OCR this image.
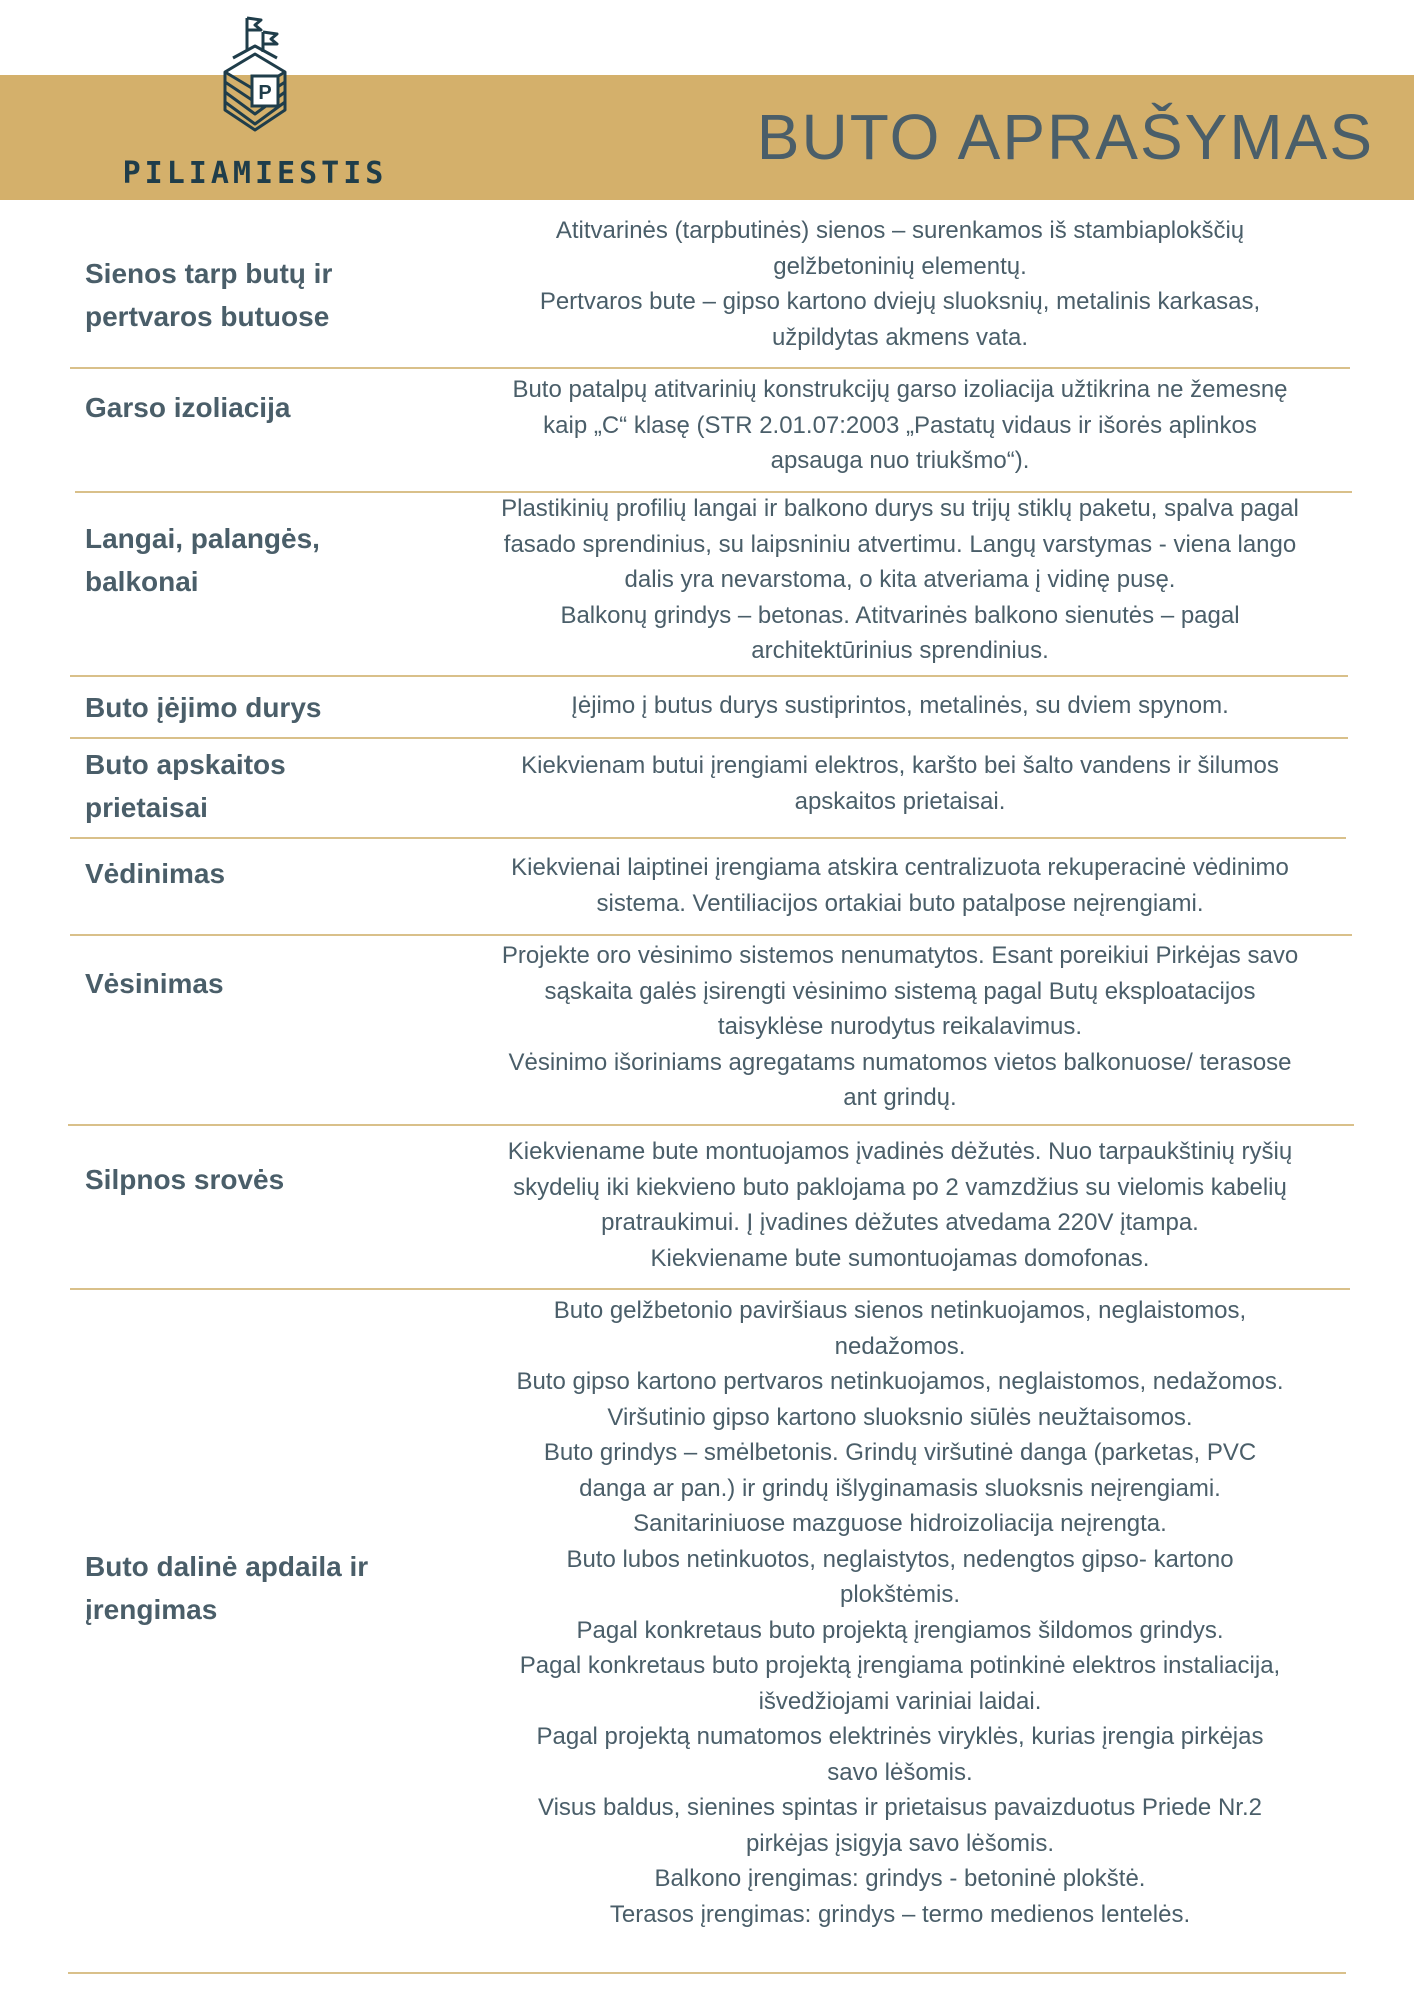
P
PILIAMIESTIS
BUTO APRAŠYMAS
Sienos tarp butų ir
pertvaros butuose

Atitvarinės (tarpbutinės) sienos – surenkamos iš stambiaplokščių

gelžbetoninių elementų.

Pertvaros bute – gipso kartono dviejų sluoksnių, metalinis karkasas,

užpildytas akmens vata.

Garso izoliacija

Buto patalpų atitvarinių konstrukcijų garso izoliacija užtikrina ne žemesnę

kaip „C“ klasę (STR 2.01.07:2003 „Pastatų vidaus ir išorės aplinkos

apsauga nuo triukšmo“).

Langai, palangės,
balkonai

Plastikinių profilių langai ir balkono durys su trijų stiklų paketu, spalva pagal

fasado sprendinius, su laipsniniu atvertimu. Langų varstymas - viena lango

dalis yra nevarstoma, o kita atveriama į vidinę pusę.

Balkonų grindys – betonas. Atitvarinės balkono sienutės – pagal

architektūrinius sprendinius.

Buto įėjimo durys	Įėjimo į butus durys sustiprintos, metalinės, su dviem spynom.

Buto apskaitos
prietaisai

Kiekvienam butui įrengiami elektros, karšto bei šalto vandens ir šilumos

apskaitos prietaisai.

Vėdinimas	Kiekvienai laiptinei įrengiama atskira centralizuota rekuperacinė vėdinimo

sistema. Ventiliacijos ortakiai buto patalpose neįrengiami.

Vėsinimas

Projekte oro vėsinimo sistemos nenumatytos. Esant poreikiui Pirkėjas savo

sąskaita galės įsirengti vėsinimo sistemą pagal Butų eksploatacijos

taisyklėse nurodytus reikalavimus.

Vėsinimo išoriniams agregatams numatomos vietos balkonuose/ terasose

ant grindų.

Silpnos srovės

Kiekviename bute montuojamos įvadinės dėžutės. Nuo tarpaukštinių ryšių

skydelių iki kiekvieno buto paklojama po 2 vamzdžius su vielomis kabelių

pratraukimui. Į įvadines dėžutes atvedama 220V įtampa.

Kiekviename bute sumontuojamas domofonas.

Buto dalinė apdaila ir
įrengimas

Buto gelžbetonio paviršiaus sienos netinkuojamos, neglaistomos,

nedažomos.

Buto gipso kartono pertvaros netinkuojamos, neglaistomos, nedažomos.

Viršutinio gipso kartono sluoksnio siūlės neužtaisomos.

Buto grindys – smėlbetonis. Grindų viršutinė danga (parketas, PVC

danga ar pan.) ir grindų išlyginamasis sluoksnis neįrengiami.

Sanitariniuose mazguose hidroizoliacija neįrengta.

Buto lubos netinkuotos, neglaistytos, nedengtos gipso- kartono

plokštėmis.

Pagal konkretaus buto projektą įrengiamos šildomos grindys.

Pagal konkretaus buto projektą įrengiama potinkinė elektros instaliacija,

išvedžiojami variniai laidai.

Pagal projektą numatomos elektrinės viryklės, kurias įrengia pirkėjas

savo lėšomis.

Visus baldus, sienines spintas ir prietaisus pavaizduotus Priede Nr.2

pirkėjas įsigyja savo lėšomis.

Balkono įrengimas: grindys - betoninė plokštė.

Terasos įrengimas: grindys – termo medienos lentelės.
